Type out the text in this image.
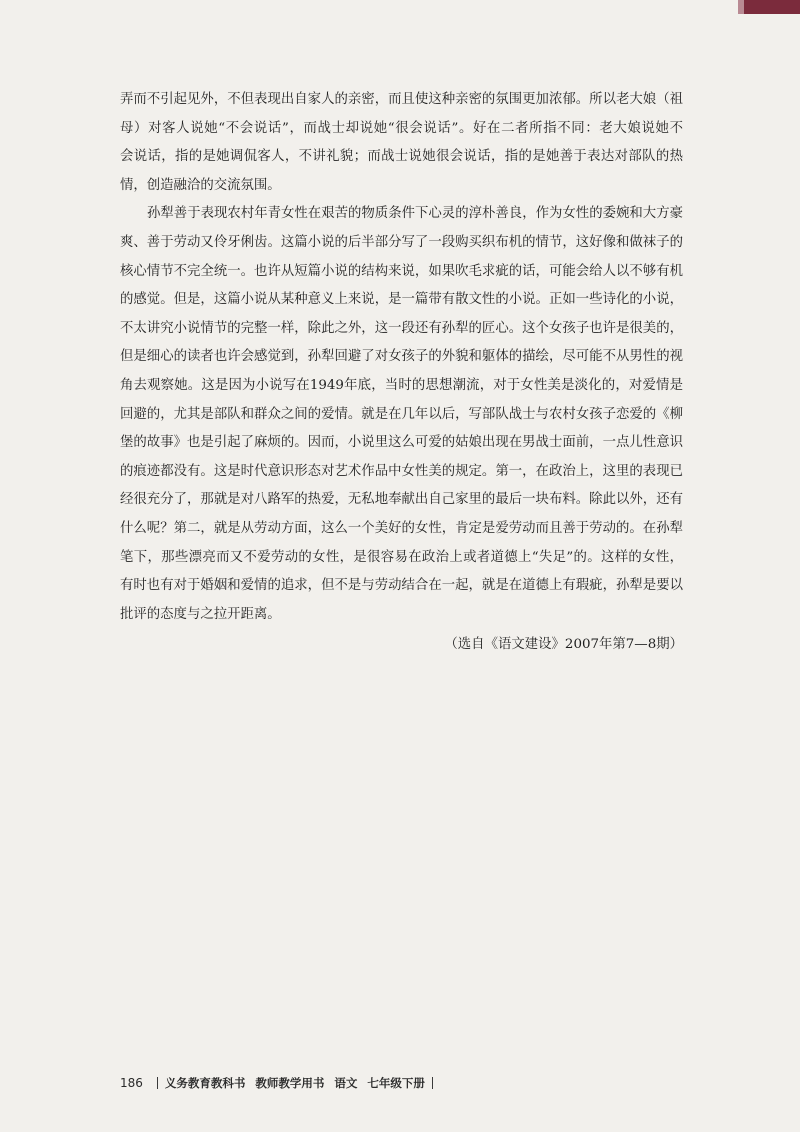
弄而不引起见外，不但表现出自家人的亲密，而且使这种亲密的氛围更加浓郁。所以老大娘（祖
母）对客人说她“不会说话”，而战士却说她“很会说话”。好在二者所指不同：老大娘说她不
会说话，指的是她调侃客人，不讲礼貌；而战士说她很会说话，指的是她善于表达对部队的热
情，创造融洽的交流氛围。
孙犁善于表现农村年青女性在艰苦的物质条件下心灵的淳朴善良，作为女性的委婉和大方豪
爽、善于劳动又伶牙俐齿。这篇小说的后半部分写了一段购买织布机的情节，这好像和做袜子的
核心情节不完全统一。也许从短篇小说的结构来说，如果吹毛求疵的话，可能会给人以不够有机
的感觉。但是，这篇小说从某种意义上来说，是一篇带有散文性的小说。正如一些诗化的小说，
不太讲究小说情节的完整一样，除此之外，这一段还有孙犁的匠心。这个女孩子也许是很美的，
但是细心的读者也许会感觉到，孙犁回避了对女孩子的外貌和躯体的描绘，尽可能不从男性的视
角去观察她。这是因为小说写在1949年底，当时的思想潮流，对于女性美是淡化的，对爱情是
回避的，尤其是部队和群众之间的爱情。就是在几年以后，写部队战士与农村女孩子恋爱的《柳
堡的故事》也是引起了麻烦的。因而，小说里这么可爱的姑娘出现在男战士面前，一点儿性意识
的痕迹都没有。这是时代意识形态对艺术作品中女性美的规定。第一，在政治上，这里的表现已
经很充分了，那就是对八路军的热爱，无私地奉献出自己家里的最后一块布料。除此以外，还有
什么呢？第二，就是从劳动方面，这么一个美好的女性，肯定是爱劳动而且善于劳动的。在孙犁
笔下，那些漂亮而又不爱劳动的女性，是很容易在政治上或者道德上“失足”的。这样的女性，
有时也有对于婚姻和爱情的追求，但不是与劳动结合在一起，就是在道德上有瑕疵，孙犁是要以
批评的态度与之拉开距离。
（选自《语文建设》2007年第7—8期）
186 义务教育教科书 教师教学用书 语文 七年级下册
